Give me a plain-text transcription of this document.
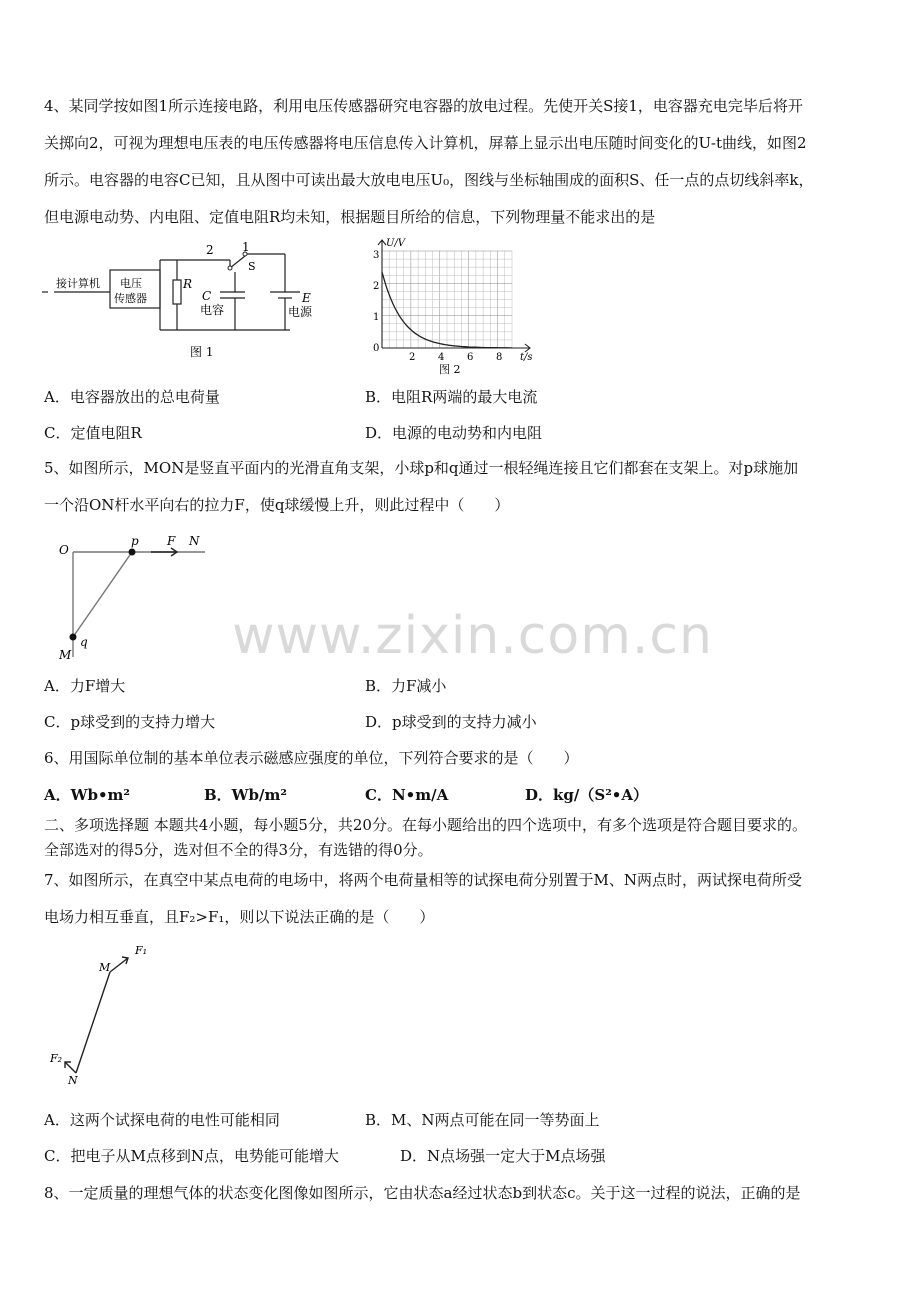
4、某同学按如图1所示连接电路，利用电压传感器研究电容器的放电过程。先使开关S接1，电容器充电完毕后将开
关掷向2，可视为理想电压表的电压传感器将电压信息传入计算机，屏幕上显示出电压随时间变化的U-t曲线，如图2
所示。电容器的电容C已知，且从图中可读出最大放电电压U₀，图线与坐标轴围成的面积S、任一点的点切线斜率k，
但电源电动势、内电阻、定值电阻R均未知，根据题目所给的信息，下列物理量不能求出的是
接计算机 电压
传感器
R
C
电容
E
电源
2 1
S
图 1
U/V
t/s
3
2
1
0
2 4 6 8
图 2
A．电容器放出的总电荷量	B．电阻R两端的最大电流
C．定值电阻R	D．电源的电动势和内电阻
5、如图所示，MON是竖直平面内的光滑直角支架，小球p和q通过一根轻绳连接且它们都套在支架上。对p球施加
一个沿ON杆水平向右的拉力F，使q球缓慢上升，则此过程中（　　）
O
p F N
M
q
A．力F增大	B．力F减小
C．p球受到的支持力增大	D．p球受到的支持力减小
6、用国际单位制的基本单位表示磁感应强度的单位，下列符合要求的是（　　）
A．Wb•m²	B．Wb/m²	C．N•m/A	D．kg/（S²•A）
二、多项选择题 本题共4小题，每小题5分，共20分。在每小题给出的四个选项中，有多个选项是符合题目要求的。
全部选对的得5分，选对但不全的得3分，有选错的得0分。
7、如图所示，在真空中某点电荷的电场中，将两个电荷量相等的试探电荷分别置于M、N两点时，两试探电荷所受
电场力相互垂直，且F₂>F₁，则以下说法正确的是（　　）
F₁
M
F₂
N
A．这两个试探电荷的电性可能相同	B．M、N两点可能在同一等势面上
C．把电子从M点移到N点，电势能可能增大	D．N点场强一定大于M点场强
8、一定质量的理想气体的状态变化图像如图所示，它由状态a经过状态b到状态c。关于这一过程的说法，正确的是
www.zixin.com.cn
